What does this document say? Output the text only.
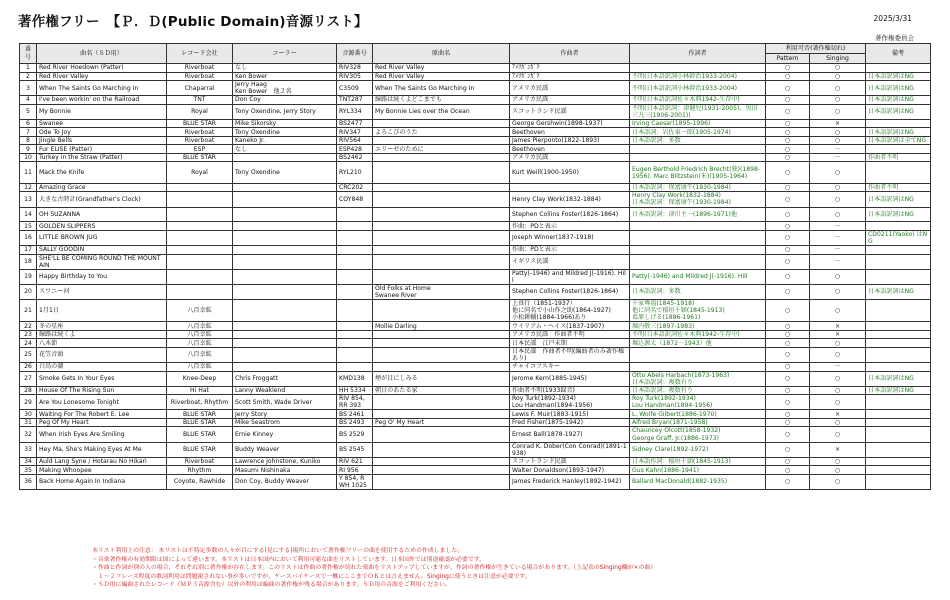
著作権フリー　【Ｐ．Ｄ(Public Domain)音源リスト】	2025/3/31
著作権委員会
番号	曲名（ＳＤ用）	レコード会社	コーラー	音源番号	原曲名	作曲者	作詞者	利用可否(著作権切れ)		備考
								Pattern	Singing	
1	Red River Hoedown (Patter)	Riverboat	なし	RIV328	Red River Valley	ｱﾒﾘｶﾞﾝｶﾞ?		○	○	
2	Red River Valley	Riverboat	Ken Bower	RIV305	Red River Valley	ｱﾒﾘｶﾞﾝｶﾞ?	不明(日本語訳詞小林幹治1933-2004)	○	○	日本語訳詞はNG
3	When The Saints Go Marching In	Chaparral	Jerry Haag
Ken Bower　他２名	C3509	When The Saints Go Marching In	アメリカ民謡	不明(日本語訳詞小林幹治1933-2004)	○	○	日本語訳詞はNG
4	I've been workin' on the Railroad	TNT	Don Coy	TNT287	線路は続くよどこまでも	アメリカ民謡	不明(日本語訳詞佐々木典1942-生存中)	○	○	日本語訳詞はNG
5	My Bonnie	Royal	Tony Oxendine, Jerry Story	RYL334	My Bonnie Lies over the Ocean	スコットランド民謡	不明(日本語訳詞：津健児(1931-2005)、黒田三九三(1906-2001))	○	○	日本語訳詞はNG
6	Swanee	BLUE STAR	Mike Sikorsky	BS2477		George Gershwin(1898-1937)	Irving Caesar(1895-1996)	○	×	
7	Ode To Joy	Riverboat	Tony Oxendine	RIV347	よろこびのうた	Beethoven	日本語詞：岩佐東一郎(1905-1974)	○	○	日本語訳詞はNG
8	Jingle Bells	Riverboat	Kaneko Jr.	RIV564		James Pierponto(1822-1893)	日本語訳詞：多数	○	○	日本語訳詞は全てNG
9	Fur ELISE (Patter)	ESP	なし	ESP428	エリーゼのために	Beethoven		○	－	
10	Turkey in the Straw (Patter)	BLUE STAR		BS2462		アメリカ民謡		○	－	作曲者不明
11	Mack the Knife	Royal	Tony Oxendine	RYL210		Kurt Weill(1900-1950)	Eugen Berthold Friedrich Brecht(独)(1898-1956). Marc Blitzstein(米)(1905-1964)	○	○	
12	Amazing Grace			CRC202			日本語訳詞：保富康午(1930-1984)	○	○	作曲者不明
13	大きな古時計(Grandfather's Clock)			COY848		Henry Clay Work(1832-1884)	Henry Clay Work(1832-1884)
日本語訳詞：保富康午(1930-1984)	○	○	日本語訳詞はNG
14	OH SUZANNA					Stephen Collins Foster(1826-1864)	日本語訳詞：津川主一(1896-1971)他	○	○	日本語訳詞はNG
15	GOLDEN SLIPPERS					作曲：PDと表示		○	－	
16	LITTLE BROWN JUG					Joseph Winner(1837-1918)		○	－	CD0211(Yaoko) はNG
17	SALLY GOODIN					作曲：PDと表示		○	－	
18	SHE'LL BE COMING ROUND THE MOUNTAIN					イギリス民謡		○	－	
19	Happy Birthday to You					Patty(-1946) and Mildred J(-1916). Hill	Patty(-1946) and Mildred J(-1916). Hill	○	○	
20	スワニー河				Old Folks at Home
Swanee River	Stephen Collins Foster(1826-1864)	日本語訳詞：多数	○	○	日本語訳詞はNG
21	1月1日	八百幸紘				上真行（1851-1937）
他に同名で小山作之助(1864-1927)
小松耕輔(1884-1966)あり	千家尊福(1845-1918)
他に同名で稲垣千穎(1845-1913)
葛原しげる(1886-1961)	○	○	
22	冬の星座	八百幸紘			Mollie Darling	ウイリアム・ヘイス(1837-1907)	堀内敬三(1897-1983)	○	×	
23	線路は続くよ	八百幸紘				アメリカ民謡　作曲者不明	不明(日本語訳詞佐々木典1942-生存中)	○	×	
24	八木節	八百幸紘				日本民謡　江戸末期	堀込源太（1872－1943）他	○	○	
25	花笠音頭	八百幸紘				日本民謡　作曲者不明(編曲者のみ著作権あり)		○	○	
26	白鳥の湖	八百幸紘				チャイコフスキー		○	－	
27	Smoke Gets In Your Eyes	Knee-Deep	Chris Froggatt	KMD138	煙が目にしみる	Jerome Kern(1885-1945)	Otto Abels Harbach(1873-1963)
日本語訳詞：複数有り	○	○	日本語訳詞はNG
28	House Of The Rising Sun	Hi Hat	Lanny Weaklend	HH 5334	朝日のあたる家	作曲者不明(1933録音)	日本語訳詞：複数有り	○	○	日本語訳詞はNG
29	Are You Lonesome Tonight	Riverboat, Rhythm	Scott Smith, Wade Driver	RIV 854, RR 393		Roy Turk(1892-1934)
Lou Handman(1894-1956)	Roy Turk(1892-1934)
Lou Handman(1894-1956)	○	○	
30	Waiting For The Robert E. Lee	BLUE STAR	Jerry Story	BS 2461		Lewis F. Muir(1883-1915)	L. Wolfe Gilbert(1886-1970)	○	×	
31	Peg Of My Heart	BLUE STAR	Mike Seastrom	BS 2493	Peg O' My Heart	Fred Fisher(1875-1942)	Alfred Bryan(1871-1958)	○	○	
32	When Irish Eyes Are Smiling	BLUE STAR	Ernie Kinney	BS 2529		Ernest Ball(1878-1927)	Chauncey Olcott(1858-1932)
George Graff, Jr.(1886-1973)	○	○	
33	Hey Ma, She's Making Eyes At Me	BLUE STAR	Buddy Weaver	BS 2545		Conrad K. Dober(Con Conrad)(1891-1938)	Sidney Clare(1892-1972)	○	×	
34	Auld Lang Syne / Hotarau No Hikari	Riverboat	Lawrence Johnstone, Kuniko	RIV 621		スコットランド民謡	日本語作詞：稲垣千頴(1845-1913)	○	○	
35	Making Whoopee	Rhythm	Masumi Nishinaka	RI 956		Walter Donaldson(1893-1947)	Gus Kahn(1886-1941)	○	○	
36	Back Home Again In Indiana	Coyote, Rawhide	Don Coy, Buddy Weaver	Y 854, RWH 1025		James Frederick Hanley(1892-1942)	Ballard MacDonald(1882-1935)	○	○	
本リスト利用上の注意： 本リストは不特定多数の人々が目にする(見にする)場所において著作権フリーの曲を使用するための作成しました。
・音楽著作権の有効期限は国によって違います。本リストは日本国内において利用可能な曲をリストしています。日本国外では別途確認が必要です。
・作曲と作詞が別の人の場合、それぞれ別に著作権が存在します。このリストは作曲の著作権が切れた楽曲をリストアップしていますが、作詞の著作権が生きている場合があります。（上記表のSinging欄が×の曲）
　１～２フレーズ程度の歌詞利用は問題視されない事が多いですが、ケースバイケースで一概にここまでＯＫとは言えません。Singingに使うときは注意が必要です。
・ＳＤ用に編曲されたレコード（ＭＰ３音源含む）以外の利用は編曲の著作権が残る場合があります。ＳＤ用の音源をご利用ください。
